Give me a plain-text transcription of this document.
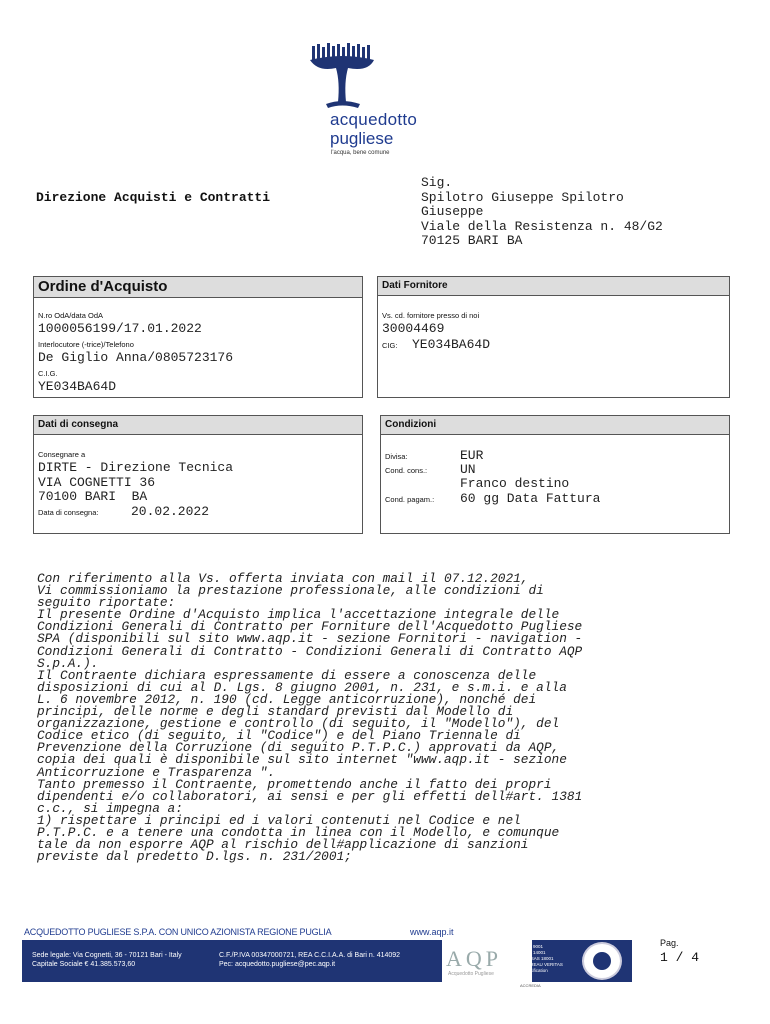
acquedotto
pugliese
l'acqua, bene comune
Direzione Acquisti e Contratti
Sig.
Spilotro Giuseppe Spilotro
Giuseppe
Viale della Resistenza n. 48/G2
70125 BARI BA
Ordine d'Acquisto
N.ro OdA/data OdA
1000056199/17.01.2022
Interlocutore (-trice)/Telefono
De Giglio Anna/0805723176
C.I.G.
YE034BA64D
Dati Fornitore
Vs. cd. fornitore presso di noi
30004469
CIG: YE034BA64D
Dati di consegna
Consegnare a
DIRTE - Direzione Tecnica
VIA COGNETTI 36
70100 BARI  BA
Data di consegna:	20.02.2022
Condizioni
Divisa:	EUR
Cond. cons.:	UN
Franco destino
Cond. pagam.: 60 gg Data Fattura
Con riferimento alla Vs. offerta inviata con mail il 07.12.2021,
Vi commissioniamo la prestazione professionale, alle condizioni di
seguito riportate:
Il presente Ordine d'Acquisto implica l'accettazione integrale delle
Condizioni Generali di Contratto per Forniture dell'Acquedotto Pugliese
SPA (disponibili sul sito www.aqp.it - sezione Fornitori - navigation -
Condizioni Generali di Contratto - Condizioni Generali di Contratto AQP
S.p.A.).
Il Contraente dichiara espressamente di essere a conoscenza delle
disposizioni di cui al D. Lgs. 8 giugno 2001, n. 231, e s.m.i. e alla
L. 6 novembre 2012, n. 190 (cd. Legge anticorruzione), nonché dei
principi, delle norme e degli standard previsti dal Modello di
organizzazione, gestione e controllo (di seguito, il "Modello"), del
Codice etico (di seguito, il "Codice") e del Piano Triennale di
Prevenzione della Corruzione (di seguito P.T.P.C.) approvati da AQP,
copia dei quali è disponibile sul sito internet "www.aqp.it - sezione
Anticorruzione e Trasparenza ".
Tanto premesso il Contraente, promettendo anche il fatto dei propri
dipendenti e/o collaboratori, ai sensi e per gli effetti dell#art. 1381
c.c., si impegna a:
1) rispettare i principi ed i valori contenuti nel Codice e nel
P.T.P.C. e a tenere una condotta in linea con il Modello, e comunque
tale da non esporre AQP al rischio dell#applicazione di sanzioni
previste dal predetto D.lgs. n. 231/2001;
ACQUEDOTTO PUGLIESE S.P.A. CON UNICO AZIONISTA REGIONE PUGLIA	www.aqp.it
Sede legale: Via Cognetti, 36 - 70121 Bari - Italy
Capitale Sociale € 41.385.573,60
C.F./P.IVA 00347000721, REA C.C.I.A.A. di Bari n. 414092
Pec: acquedotto.pugliese@pec.aqp.it	AQP
Acquedotto Pugliese
ISO 9001
ISO 14001
OHSAS 18001
BUREAU VERITAS
Certification
ACCREDIA
Pag.
1 / 4
